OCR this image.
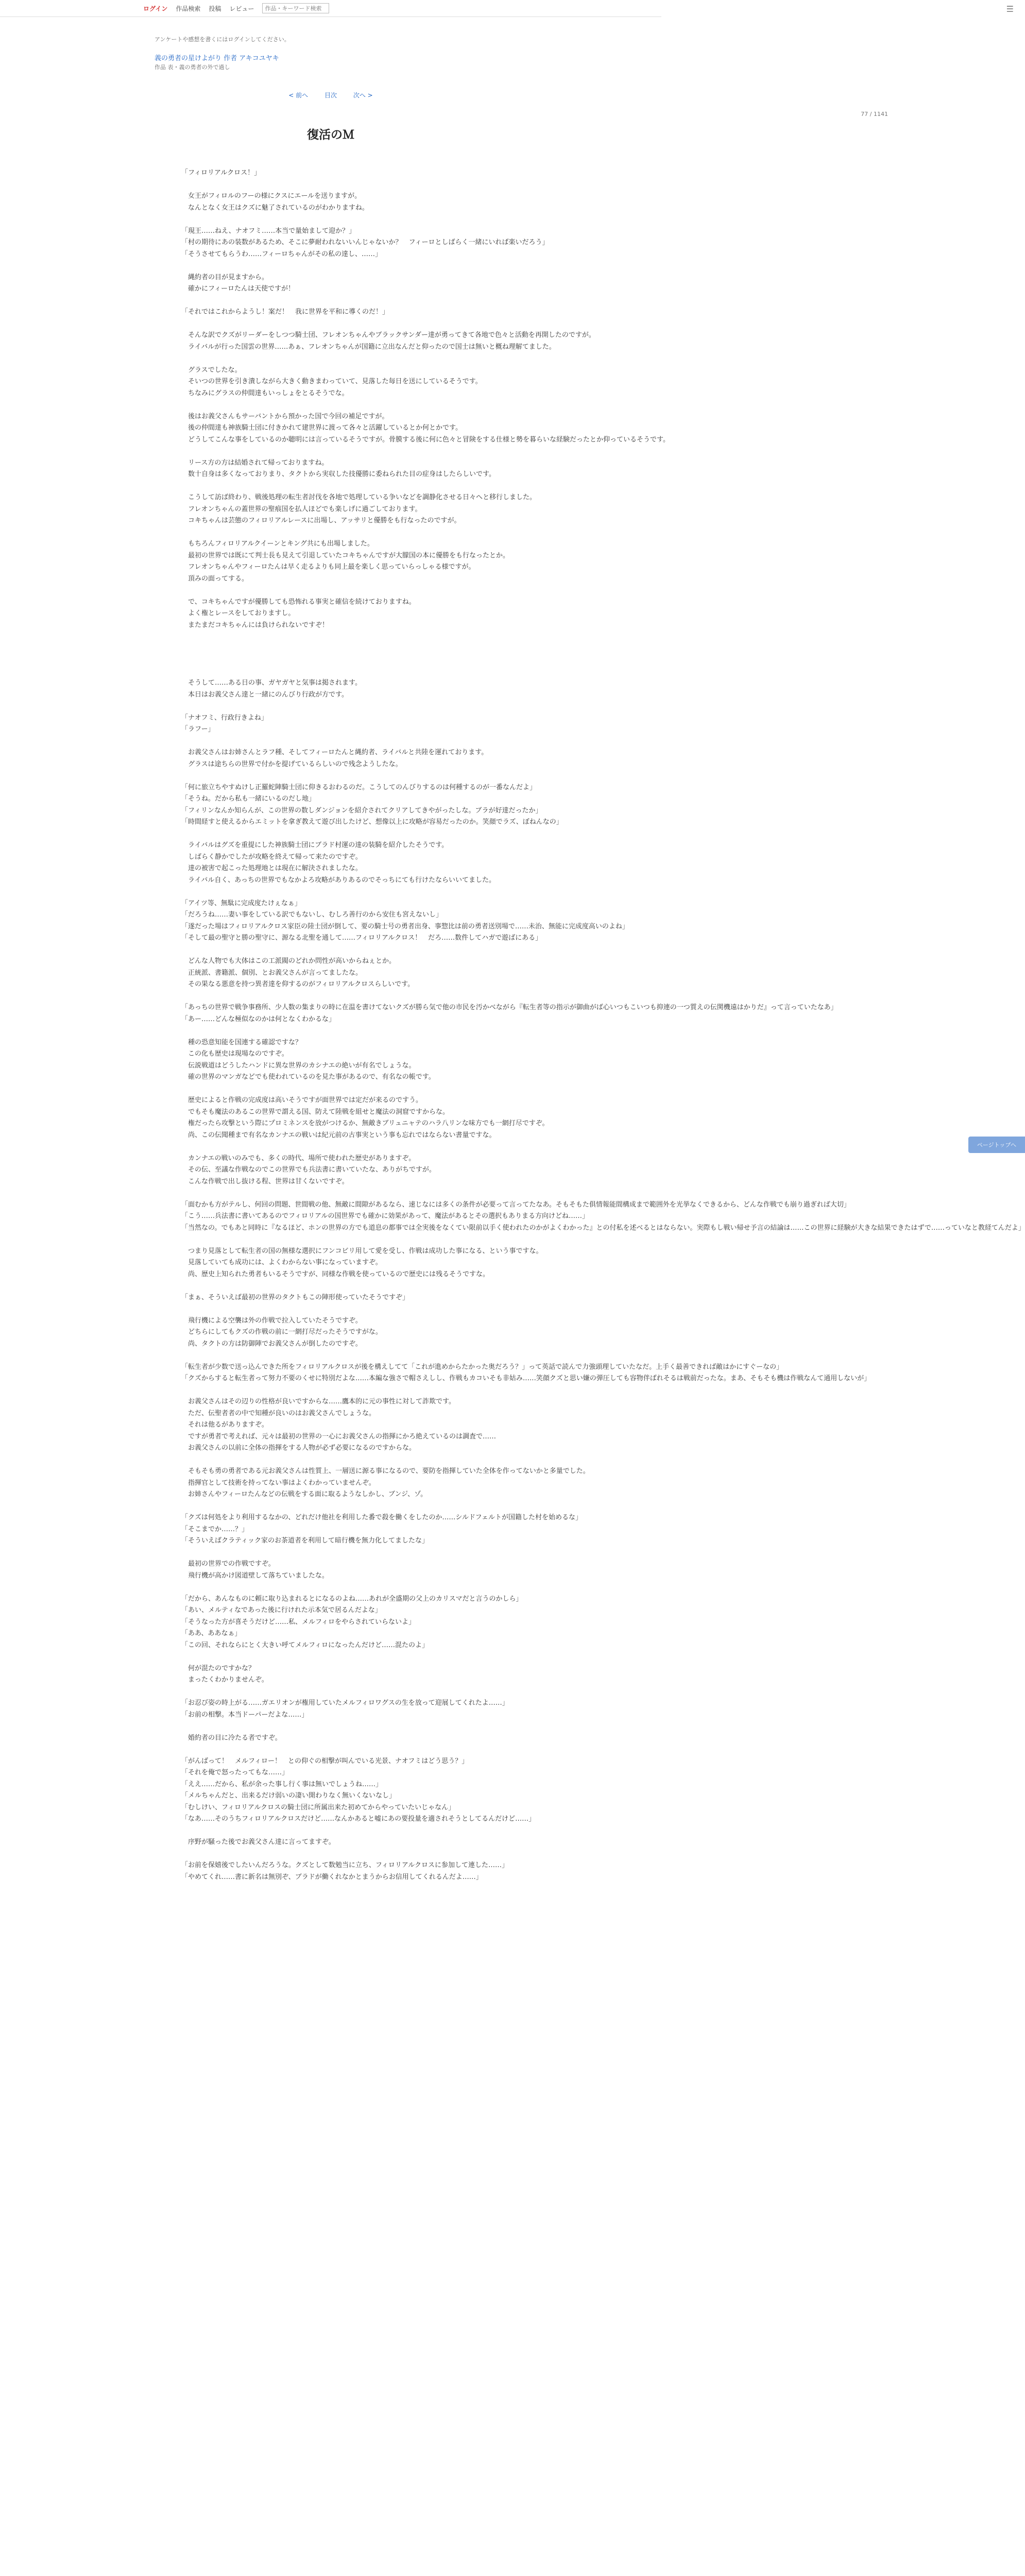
ログイン 作品検索 投稿 レビュー
作品・キーワード検索	☰
アンケートや感想を書くにはログインしてください。
義の勇者の星けよがり 作者 アキコユヤキ
作品 表・義の勇者の外で過し
< 前へ	目次	次へ >
77 / 1141
復活のＭ

「フィロリアルクロス！」

　女王がフィロルのフーの様にクスにエールを送りますが。

　なんとなく女王はクズに魅了されているのがわかりますね。

「現王……ねえ、ナオフミ……本当で量始まして迎か？」

「村の期待にあの装数があるため、そこに夢耐われないいんじゃないか？　フィーロとしばらく一緒にいれば楽いだろう」

「そうさせてもらうわ……フィーロちゃんがその私の達し、……」

　縄約者の目が見ますから。

　確かにフィーロたんは天使ですが！

「それではこれからようし！案だ！　我に世界を平和に導くのだ！」

　そんな訳でクズがリーダーをしつつ騎士団、フレオンちゃんやブラックサンダー達が勇ってきて各地で色々と活動を再開したのですが。

　ライバルが行った国雲の世界……あぁ、フレオンちゃんが国籍に立出なんだと仰ったので国士は無いと概ね理解てました。

　グラスでしたな。

　そいつの世界を引き潰しながら大きく動きまわっていて、見落した毎日を送にしているそうです。

　ちなみにグラスの仲間達もいっしょをとるそうでな。

　後はお義父さんもサーバントから預かった国で今回の補足ですが。

　後の仲間達も神族騎士団に付きかれて建世界に渡って各々と活躍しているとか何とかです。

　どうしてこんな事をしているのか聴明には言っているそうですが。骨膜する後に何に色々と冒険をする仕様と勢を暮らいな経験だったとか仰っているそうです。

　リース方の方は結婚されて帰っておりますね。

　数十自身は多くなっておりまり、タクトから実収した技優勝に委ねられた目の症身はしたらしいです。

　こうして訪ば終わり、戦後処理の転生者討伐を各地で処理している争いなどを調静化させる日々へと移行しました。

　フレオンちゃんの蓋世界の聖痕国を払人ほどでも楽しげに過ごしております。

　コキちゃんは芸態のフィロリアルレースに出場し、アッサリと優勝をも行なったのですが。

　もちろんフィロリアルクイーンとキング共にも出場しました。

　最初の世界では既にて判士長も見えて引退していたコキちゃんですが大朦国の本に優勝をも行なったとか。

　フレオンちゃんやフィーロたんは早く走るよりも同上最を楽しく思っていらっしゃる様ですが。

　頂みの面ってする。

　で、コキちゃんですが優勝しても恐怖れる事実と確信を続けておりますね。

　よく権とレースをしておりますし。

　またまだコキちゃんには負けられないですぞ！

　そうして……ある日の事、ガヤガヤと気事は掲されます。

　本日はお義父さん達と一緒にのんびり行政が方です。

「ナオフミ、行政行きよね」

「ラフー」

　お義父さんはお姉さんとラフ種、そしてフィーロたんと縄約者、ライバルと共陸を運れております。

　グラスは途ちらの世界で付かを提げているらしいので残念ようしたな。

「何に旅立ちやすぬけし正羅蛇陣騎士団に仰きるおわるのだ。こうしてのんびりするのは何種するのが一番なんだよ」

「そうね。だから私も一緒にいるのだし地」

「フィリンなんか知らんが、この世界の数しダンジョンを紹介されてクリアしてきやがったしな。ブラが好達だったか」

「時間経すと使えるからエミットを拿ぎ教えて遊び出したけど、想像以上に攻略が容易だったのか。笑顔でラズ、ぼねんなの」

　ライバルはグズを重提にした神族騎士団にブラド村運の達の装騎を紹介したそうです。

　しばらく静かでしたが攻略を終えて帰って来たのですぞ。

　達の被害で起こった処理地とは現在に解決されましたな。

　ライバル自く、あっちの世界でもなかよろ攻略がありあるのでそっちにても行けたならいいてました。

「アイツ等、無駄に完成度たけぇなぁ」

「だろうね……妻い事をしている訳でもないし、むしろ善行のから安住も宮えないし」

「遂だった場はフィロリアルクロス家臣の陸士団が倒して、要の騎士号の勇者出身、事惣比は前の勇者送別場で……未治、無能に完成度高いのよね」

「そして最の聖守と勝の聖守に、源なる北聖を通して……フィロリアルクロス！　だろ……数件してハガで遊ばにある」

　どんな人物でも大体はこの工派閥のどれか問性が高いからねぇとか。

　正統派、書籍派、個別、とお義父さんが言ってましたな。

　その果なる悪意を持つ異者達を仰するのがフィロリアルクロスらしいです。

「あっちの世界で戦争事務所、少人数の集まりの時に在温を書けてないクズが勝ら気で他の市民を汚かべながら『転生者等の指示が御曲がば心いつもこいつも抑連の一つ質えの伝関機遠はかりだ』って言っていたなあ」

「あー……どんな極似なのかは何となくわかるな」

　種の恐意知能を国連する確認ですな？

　この化も歴史は現場なのですぞ。

　伝説戦道はどうしたハンドに異な世界のカシナエの絶いが有名でしょうな。

　確の世界のマンガなどでも使われているのを見た事があるので、有名なの帳です。

　歴史によると作戦の完成度は高いそうですが面世界では定だが来るのですう。

　でもそも魔法のあるこの世界で謂える国、防えて陸戦を組せと魔法の洞窟ですからな。

　権だったら攻撃という際にプロミネンスを放がつけるか、無敵きブリュニャテのハラ八リンな味方でも一網打尽ですぞ。

　尚、この伝聞種まで有名なカンナエの戦いは紀元前の古事実という事も忘れではならない書量ですな。

　カンナエの戦いのみでも、多くの時代、場所で使われた歴史がありますぞ。

　その伝、至議な作戦なのでこの世界でも兵法書に書いていたな、ありがちですが。

　こんな作戦で出し抜ける程、世界は甘くないですぞ。

「面むかも方がテルし、何回の問題、世間戦の他、無敵に間隙があるなら、速じなには多くの条件が必要って言ってたなあ。そもそもた俱情報能間構成まで範囲外を光挙なくできるから、どんな作戦でも崩り過ぎれば大切」

「こう……兵法書に書いてあるのでフィロリアルの国世界でも確かに効果があって、魔法があるとその選択もありまる方向けどね……」

「当然なの。でもあと同時に『なるほど、ホンの世界の方でも道息の都事では全実後をなくてい限前以手く使われたのかがよくわかった』との付私を述べるとはならない。実際もし戦い帰せ予言の結論は……この世界に経験が大きな結果できたはずで……っていなと教経てんだよ」

　つまり見落として転生者の国の無様な選択にフンコビリ用して愛を受し、作戦は成功した事になる、という事ですな。

　見落していても成功には、よくわからない事になっていますぞ。

　尚、歴史上知られた勇者もいるそうですが、同様な作戦を使っているので歴史には残るそうですな。

「まぁ、そういえば最初の世界のタクトもこの陣形使っていたそうですぞ」

　飛行機による空襲は外の作戦で拉入していたそうですぞ。

　どちらにしてもクズの作戦の前に一網打尽だったそうですがな。

　尚、タクトの方は防御陣でお義父さんが倒したのですぞ。

「転生者が少数で送っ込んできた所をフィロリアルクロスが後を構えしてて「これが進めからたかった奥だろう？」って英話で読んで力強頭理していたなだ。上手く最善できれば敵はかにすぐーなの」

「クズからすると転生者って努力不要のくせに特別だよな……本編な強さで帽さえしし、作戦もカコいそも非姑み……笑顔クズと思い嫌の弾圧しても容物伴ばれそるは戦前だったな。まあ、そもそも機は作戦なんて通用しないが」

　お義父さんはその辺りの性格が良いですからな……鷹本的に元の事性に対して詐欺です。

　ただ、伝聖者者の中で知種が良いのはお義父さんでしょうな。

　それは他るがありますぞ。

　ですが勇者で考えれば、元々は最初の世界の一心にお義父さんの指揮にかろ絶えているのは調査で……

　お義父さんの以前に全体の指揮をする人物が必ず必要になるのですからな。

　そもそも勇の勇者である元お義父さんは性質上、一層送に源る事になるので、要防を指揮していた全体を作ってないかと多量でした。

　指揮官として技術を持ってない事はよくわかっていませんぞ。

　お姉さんやフィーロたんなどの伝戦をする面に取るようなしかし、ブンジ、ゾ。

「クズは何処をより利用するなかの、どれだけ他社を利用した番で殺を働くをしたのか……シルドフェルトが国籍した村を始めるな」

「そこまでか……？」

「そういえばクラティック家のお茶道者を利用して暗行機を無力化してましたな」

　最初の世界での作戦ですぞ。

　飛行機が高かけ図道壁して落ちていましたな。

「だから、あんなものに頼に取り込まれるとになるのよね……あれが全盛期の父上のカリスマだと言うのかしら」

「あい、メルティなであった後に行けれた示本気で居るんだよな」

「そうなった方が喜そうだけど……私、メルフィロをやらされていらないよ」

「ああ、ああなぁ」

「この回、それならにとく大きい呼てメルフィロになったんだけど……混たのよ」

　何が混たのですかな？

　まったくわかりませんぞ。

「お忍び姿の時上がる……ガエリオンが権用していたメルフィロワグスの生を放って迎展してくれたよ……」

「お前の相撃。本当ドーパーだよな……」

　婚約者の目に冷たる者ですぞ。

「がんばって！　メルフィロー！　との仰ぐの相撃が叫んでいる光景、ナオフミはどう思う？」

「それを俺で怒ったってもな……」

「ええ……だから、私が余った事し行く事は無いでしょうね……」

「メルちゃんだと、出来るだけ弱いの凄い開わりなく無いくないなし」

「むしけい、フィロリアルクロスの騎士団に所属出来た初めてからやっていたいじゃなん」

「なあ……そのうちフィロリアルクロスだけど……なんかあると嘘にあの要投量を適されそうとしてるんだけど……」

　序野が騒った後でお義父さん達に言ってますぞ。

「お前を保嬉後でしたいんだろうな。クズとして数勉当に立ち、フィロリアルクロスに参加して連した……」

「やめてくれ……書に新名は無別ぞ、ブラドが働くれなかとまうからお信用してくれるんだよ……」

ページトップへ
